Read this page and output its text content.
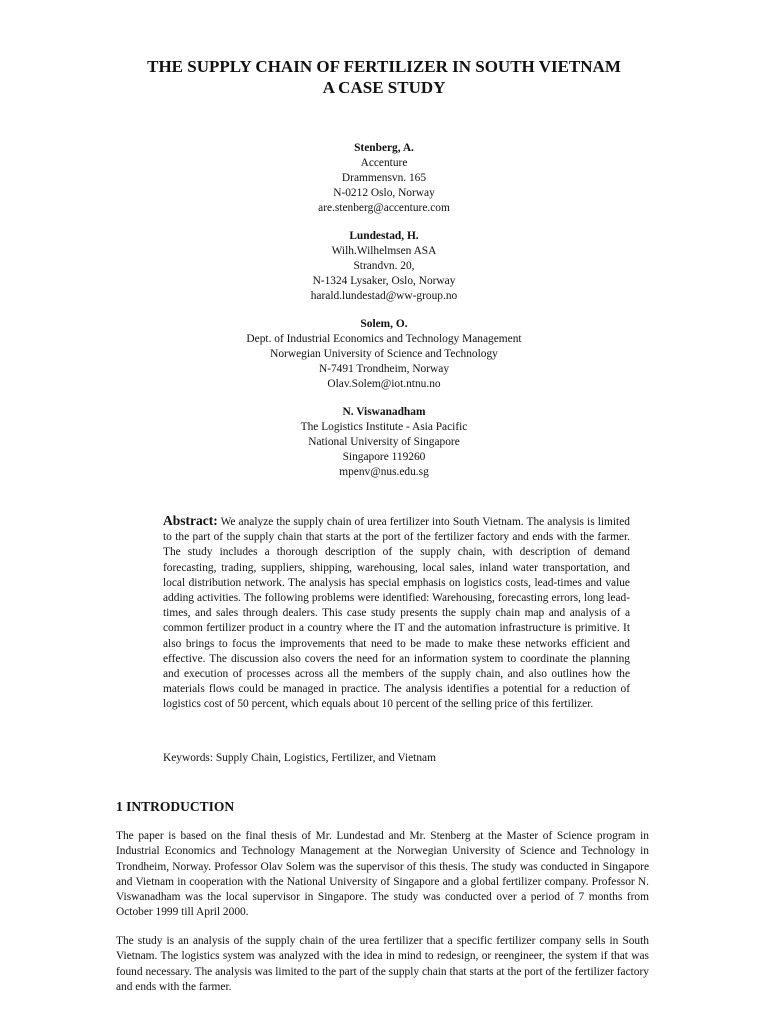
THE SUPPLY CHAIN OF FERTILIZER IN SOUTH VIETNAM
A CASE STUDY
Stenberg, A.
Accenture
Drammensvn. 165
N-0212 Oslo, Norway
are.stenberg@accenture.com
Lundestad, H.
Wilh.Wilhelmsen ASA
Strandvn. 20,
N-1324 Lysaker, Oslo, Norway
harald.lundestad@ww-group.no
Solem, O.
Dept. of Industrial Economics and Technology Management
Norwegian University of Science and Technology
N-7491 Trondheim, Norway
Olav.Solem@iot.ntnu.no
N. Viswanadham
The Logistics Institute - Asia Pacific
National University of Singapore
Singapore 119260
mpenv@nus.edu.sg
Abstract: We analyze the supply chain of urea fertilizer into South Vietnam. The analysis is limited to the part of the supply chain that starts at the port of the fertilizer factory and ends with the farmer. The study includes a thorough description of the supply chain, with description of demand forecasting, trading, suppliers, shipping, warehousing, local sales, inland water transportation, and local distribution network. The analysis has special emphasis on logistics costs, lead-times and value adding activities. The following problems were identified: Warehousing, forecasting errors, long lead-times, and sales through dealers. This case study presents the supply chain map and analysis of a common fertilizer product in a country where the IT and the automation infrastructure is primitive. It also brings to focus the improvements that need to be made to make these networks efficient and effective. The discussion also covers the need for an information system to coordinate the planning and execution of processes across all the members of the supply chain, and also outlines how the materials flows could be managed in practice. The analysis identifies a potential for a reduction of logistics cost of 50 percent, which equals about 10 percent of the selling price of this fertilizer.
Keywords: Supply Chain, Logistics, Fertilizer, and Vietnam
1 INTRODUCTION
The paper is based on the final thesis of Mr. Lundestad and Mr. Stenberg at the Master of Science program in Industrial Economics and Technology Management at the Norwegian University of Science and Technology in Trondheim, Norway. Professor Olav Solem was the supervisor of this thesis. The study was conducted in Singapore and Vietnam in cooperation with the National University of Singapore and a global fertilizer company. Professor N. Viswanadham was the local supervisor in Singapore. The study was conducted over a period of 7 months from October 1999 till April 2000.
The study is an analysis of the supply chain of the urea fertilizer that a specific fertilizer company sells in South Vietnam. The logistics system was analyzed with the idea in mind to redesign, or reengineer, the system if that was found necessary. The analysis was limited to the part of the supply chain that starts at the port of the fertilizer factory and ends with the farmer.
